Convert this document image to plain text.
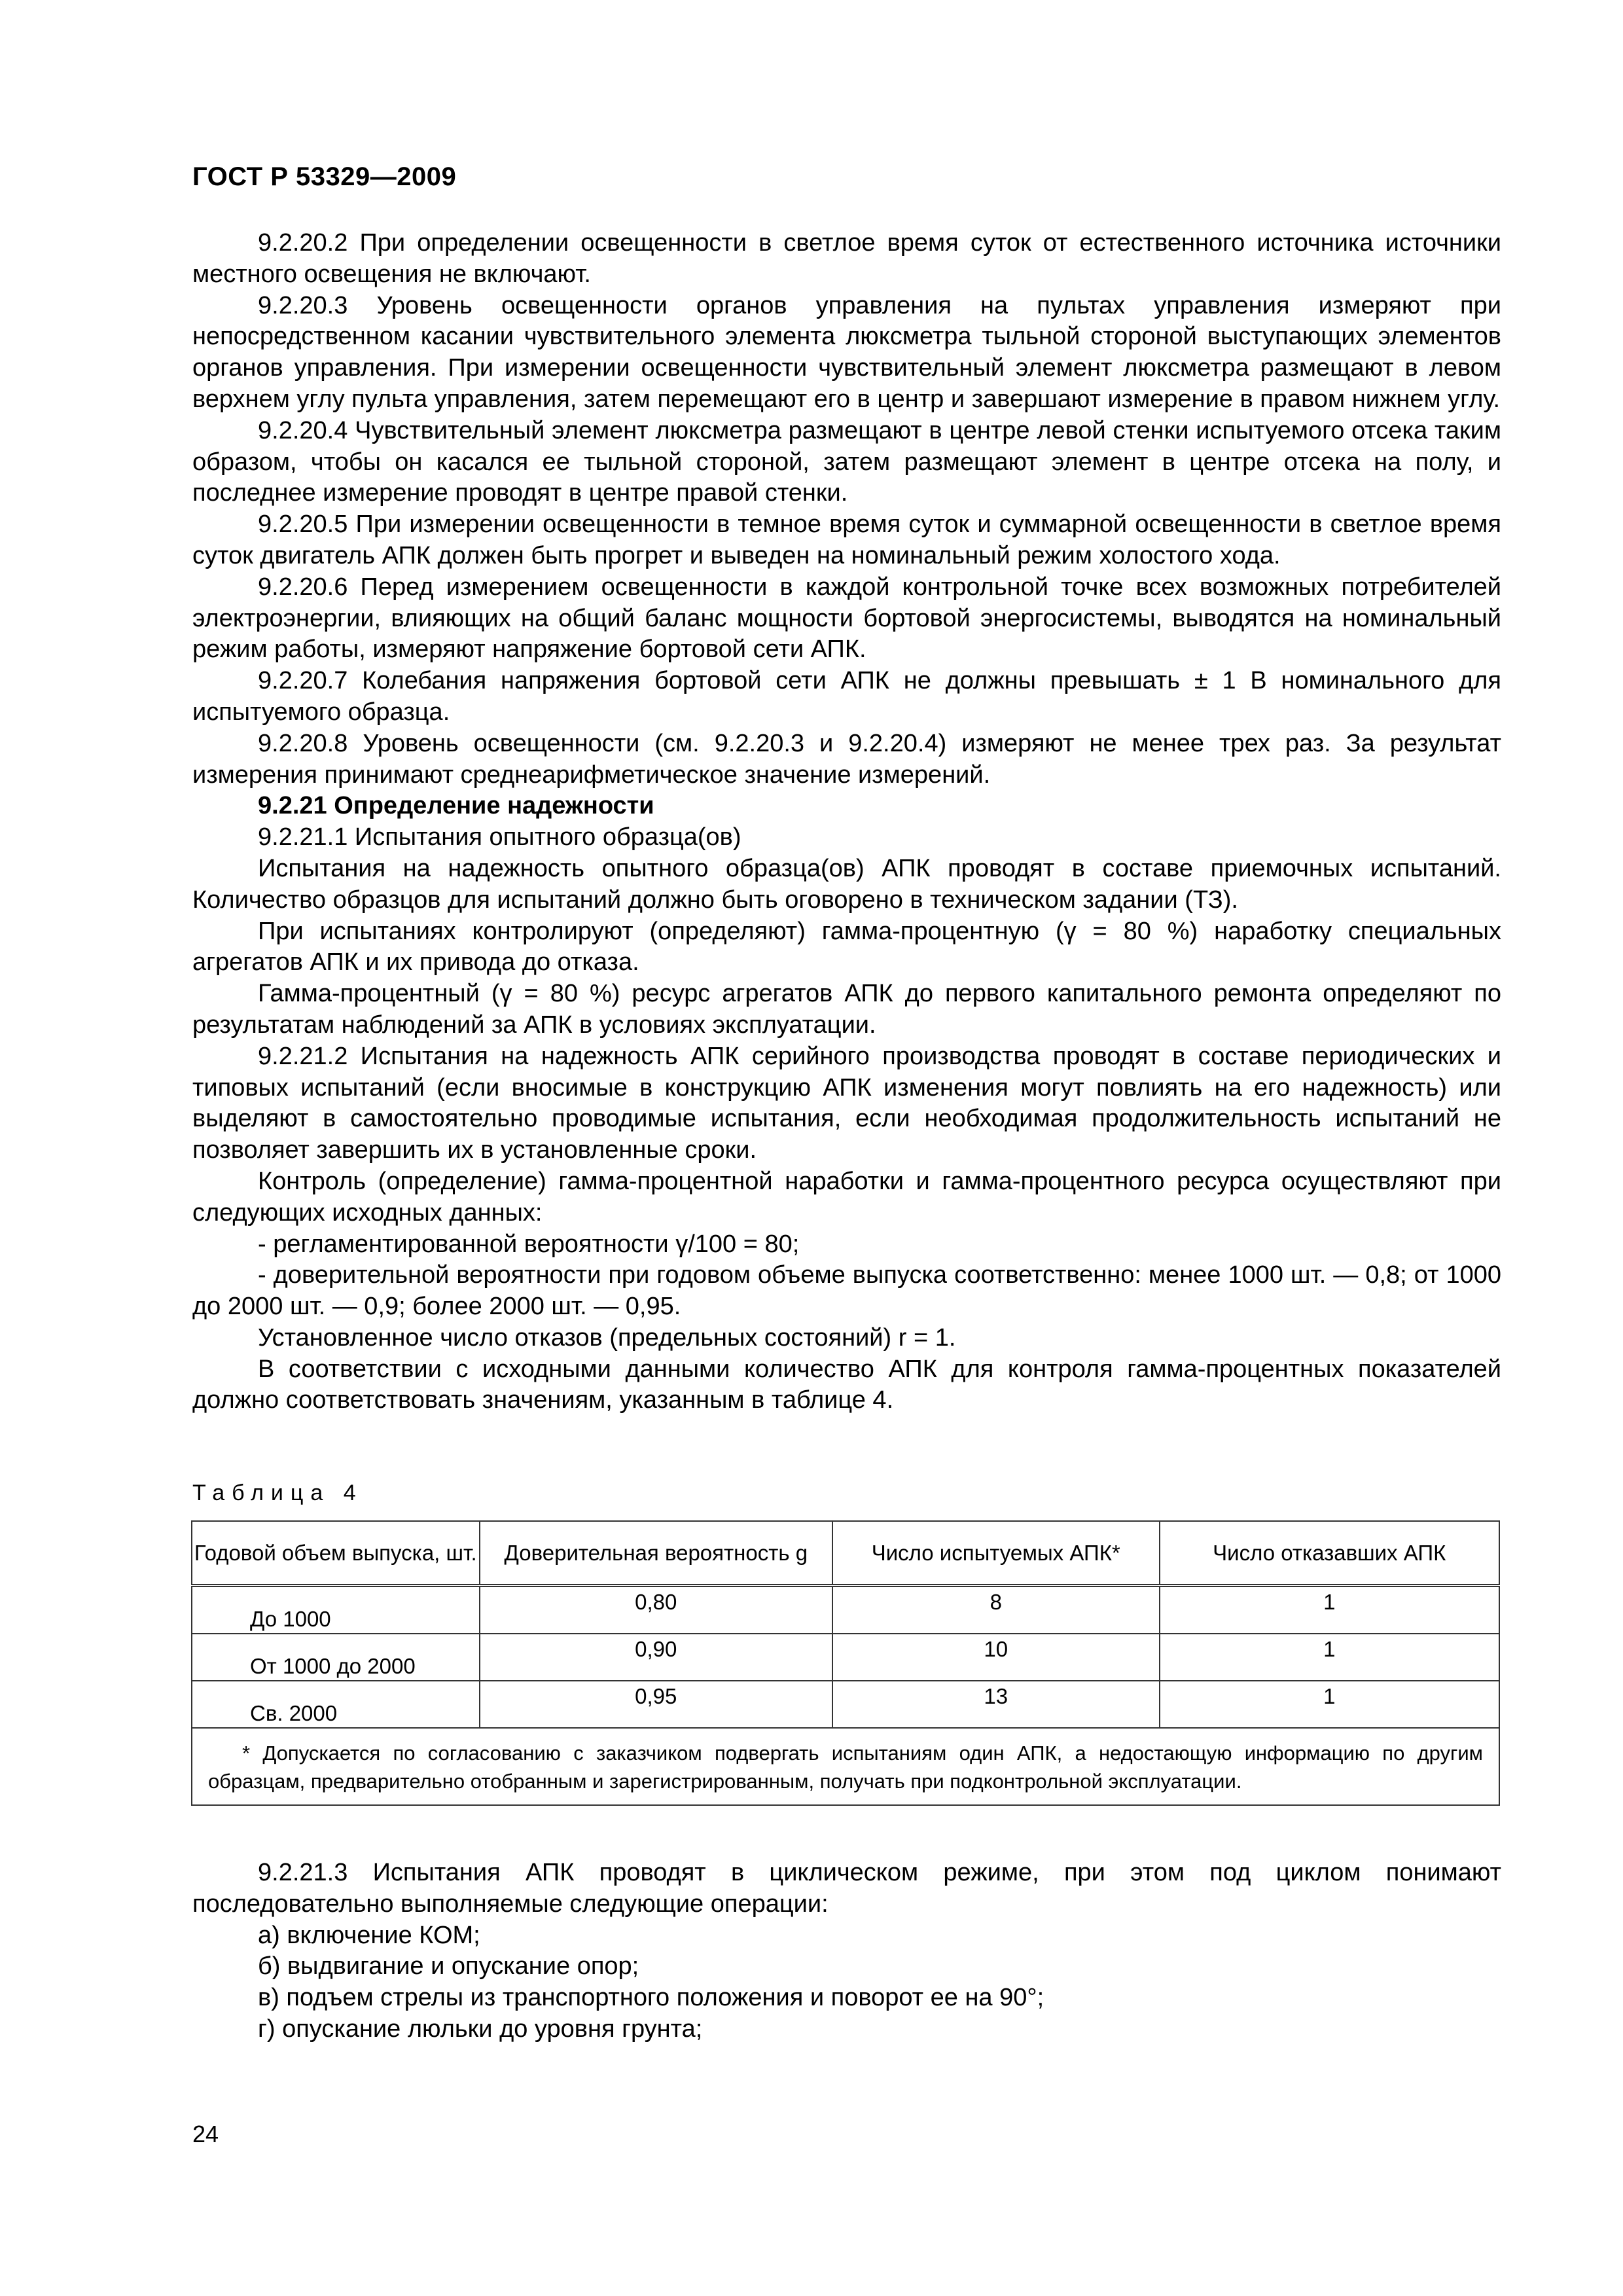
ГОСТ Р 53329—2009

9.2.20.2 При определении освещенности в светлое время суток от естественного источника источники местного освещения не включают.

9.2.20.3 Уровень освещенности органов управления на пультах управления измеряют при непосредственном касании чувствительного элемента люксметра тыльной стороной выступающих элементов органов управления. При измерении освещенности чувствительный элемент люксметра размещают в левом верхнем углу пульта управления, затем перемещают его в центр и завершают измерение в правом нижнем углу.

9.2.20.4 Чувствительный элемент люксметра размещают в центре левой стенки испытуемого отсека таким образом, чтобы он касался ее тыльной стороной, затем размещают элемент в центре отсека на полу, и последнее измерение проводят в центре правой стенки.

9.2.20.5 При измерении освещенности в темное время суток и суммарной освещенности в светлое время суток двигатель АПК должен быть прогрет и выведен на номинальный режим холостого хода.

9.2.20.6 Перед измерением освещенности в каждой контрольной точке всех возможных потребителей электроэнергии, влияющих на общий баланс мощности бортовой энергосистемы, выводятся на номинальный режим работы, измеряют напряжение бортовой сети АПК.

9.2.20.7 Колебания напряжения бортовой сети АПК не должны превышать ± 1 В номинального для испытуемого образца.

9.2.20.8 Уровень освещенности (см. 9.2.20.3 и 9.2.20.4) измеряют не менее трех раз. За результат измерения принимают среднеарифметическое значение измерений.

9.2.21 Определение надежности

9.2.21.1 Испытания опытного образца(ов)

Испытания на надежность опытного образца(ов) АПК проводят в составе приемочных испытаний. Количество образцов для испытаний должно быть оговорено в техническом задании (ТЗ).

При испытаниях контролируют (определяют) гамма-процентную (γ = 80 %) наработку специальных агрегатов АПК и их привода до отказа.

Гамма-процентный (γ = 80 %) ресурс агрегатов АПК до первого капитального ремонта определяют по результатам наблюдений за АПК в условиях эксплуатации.

9.2.21.2 Испытания на надежность АПК серийного производства проводят в составе периодических и типовых испытаний (если вносимые в конструкцию АПК изменения могут повлиять на его надежность) или выделяют в самостоятельно проводимые испытания, если необходимая продолжительность испытаний не позволяет завершить их в установленные сроки.

Контроль (определение) гамма-процентной наработки и гамма-процентного ресурса осуществляют при следующих исходных данных:

- регламентированной вероятности γ/100 = 80;

- доверительной вероятности при годовом объеме выпуска соответственно: менее 1000 шт. — 0,8; от 1000 до 2000 шт. — 0,9; более 2000 шт. — 0,95.

Установленное число отказов (предельных состояний) r = 1.

В соответствии с исходными данными количество АПК для контроля гамма-процентных показателей должно соответствовать значениям, указанным в таблице 4.

Таблица 4
Годовой объем выпуска, шт.	Доверительная вероятность g	Число испытуемых АПК*	Число отказавших АПК
До 1000	0,80	8	1
От 1000 до 2000	0,90	10	1
Св. 2000	0,95	13	1
* Допускается по согласованию с заказчиком подвергать испытаниям один АПК, а недостающую информацию по другим образцам, предварительно отобранным и зарегистрированным, получать при подконтрольной эксплуатации.			

9.2.21.3 Испытания АПК проводят в циклическом режиме, при этом под циклом понимают последовательно выполняемые следующие операции:

а) включение КОМ;

б) выдвигание и опускание опор;

в) подъем стрелы из транспортного положения и поворот ее на 90°;

г) опускание люльки до уровня грунта;

24
